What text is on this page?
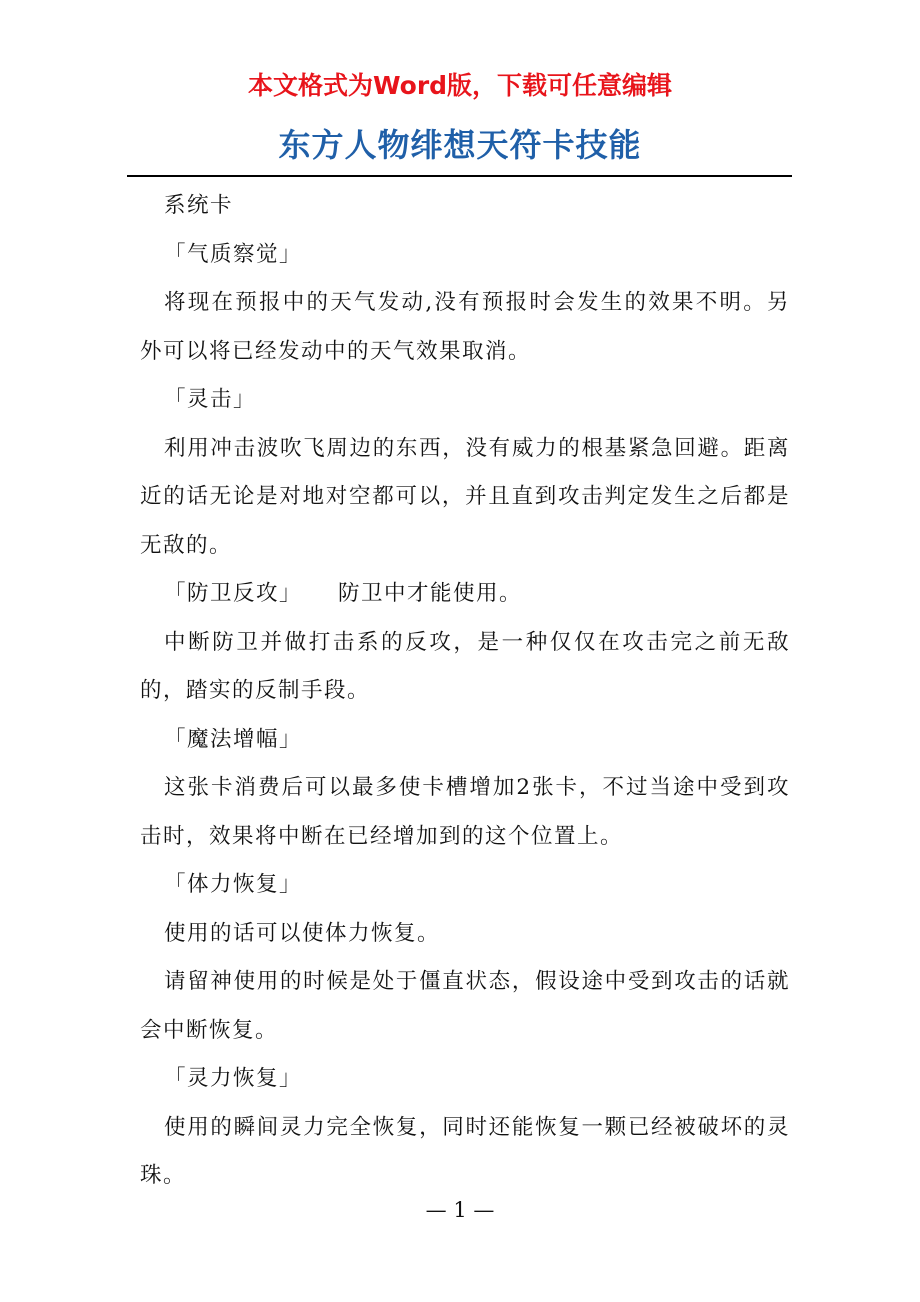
本文格式为Word版，下载可任意编辑
东方人物绯想天符卡技能

系统卡

「气质察觉」

将现在预报中的天气发动,没有预报时会发生的效果不明。另外可以将已经发动中的天气效果取消。

「灵击」

利用冲击波吹飞周边的东西，没有威力的根基紧急回避。距离近的话无论是对地对空都可以，并且直到攻击判定发生之后都是无敌的。

「防卫反攻」 防卫中才能使用。

中断防卫并做打击系的反攻，是一种仅仅在攻击完之前无敌的，踏实的反制手段。

「魔法增幅」

这张卡消费后可以最多使卡槽增加2张卡，不过当途中受到攻击时，效果将中断在已经增加到的这个位置上。

「体力恢复」

使用的话可以使体力恢复。

请留神使用的时候是处于僵直状态，假设途中受到攻击的话就会中断恢复。

「灵力恢复」

使用的瞬间灵力完全恢复，同时还能恢复一颗已经被破坏的灵珠。

— 1 —
